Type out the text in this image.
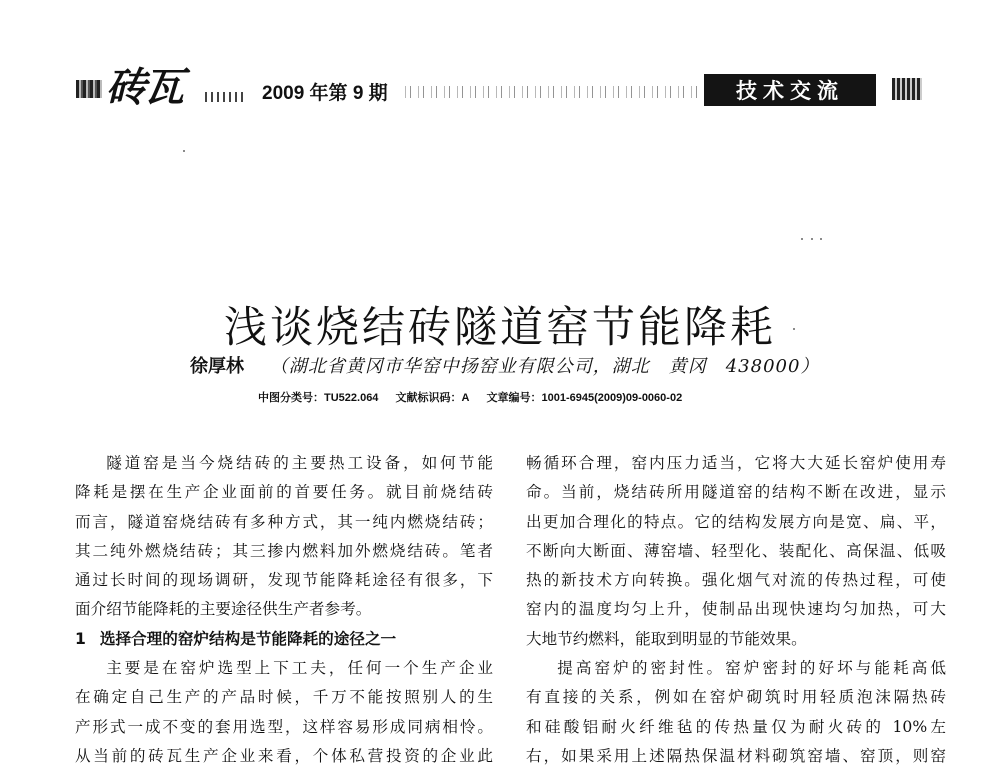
砖瓦	2009 年第 9 期	技术交流
浅谈烧结砖隧道窑节能降耗
徐厚林 （湖北省黄冈市华窑中扬窑业有限公司，湖北　黄冈　438000）
中图分类号：TU522.064 文献标识码：A 文章编号：1001-6945(2009)09-0060-02

隧道窑是当今烧结砖的主要热工设备，如何节能

降耗是摆在生产企业面前的首要任务。就目前烧结砖

而言，隧道窑烧结砖有多种方式，其一纯内燃烧结砖；

其二纯外燃烧结砖；其三掺内燃料加外燃烧结砖。笔者

通过长时间的现场调研，发现节能降耗途径有很多，下

面介绍节能降耗的主要途径供生产者参考。

1 选择合理的窑炉结构是节能降耗的途径之一

主要是在窑炉选型上下工夫，任何一个生产企业

在确定自己生产的产品时候，千万不能按照别人的生

产形式一成不变的套用选型，这样容易形成同病相怜。

从当前的砖瓦生产企业来看，个体私营投资的企业此

畅循环合理，窑内压力适当，它将大大延长窑炉使用寿

命。当前，烧结砖所用隧道窑的结构不断在改进，显示

出更加合理化的特点。它的结构发展方向是宽、扁、平，

不断向大断面、薄窑墙、轻型化、装配化、高保温、低吸

热的新技术方向转换。强化烟气对流的传热过程，可使

窑内的温度均匀上升，使制品出现快速均匀加热，可大

大地节约燃料，能取到明显的节能效果。

提高窑炉的密封性。窑炉密封的好坏与能耗高低

有直接的关系，例如在窑炉砌筑时用轻质泡沫隔热砖

和硅酸铝耐火纤维毡的传热量仅为耐火砖的 10%左

右，如果采用上述隔热保温材料砌筑窑墙、窑顶，则窑
